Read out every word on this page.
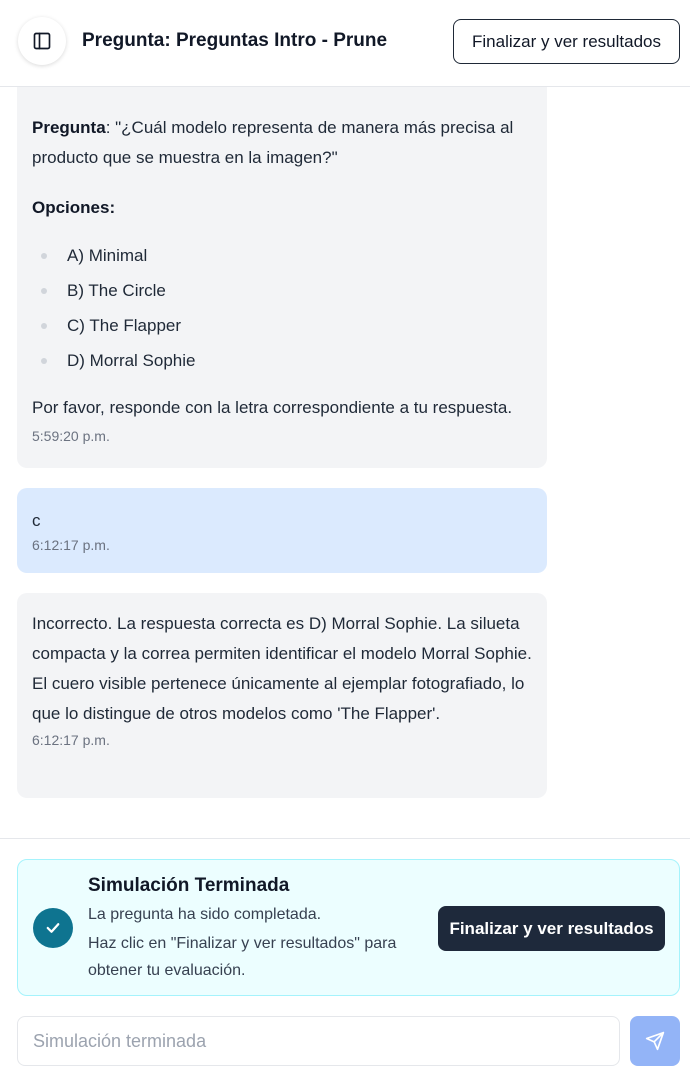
Pregunta: Preguntas Intro - Prune	Finalizar y ver resultados
Pregunta: "¿Cuál modelo representa de manera más precisa al producto que se muestra en la imagen?"
Opciones:
A) Minimal
B) The Circle
C) The Flapper
D) Morral Sophie
Por favor, responde con la letra correspondiente a tu respuesta.
5:59:20 p.m.
c
6:12:17 p.m.
Incorrecto. La respuesta correcta es D) Morral Sophie. La silueta compacta y la correa permiten identificar el modelo Morral Sophie. El cuero visible pertenece únicamente al ejemplar fotografiado, lo que lo distingue de otros modelos como 'The Flapper'.
6:12:17 p.m.
Simulación Terminada
La pregunta ha sido completada.
Haz clic en "Finalizar y ver resultados" para obtener tu evaluación.
Finalizar y ver resultados
Simulación terminada
